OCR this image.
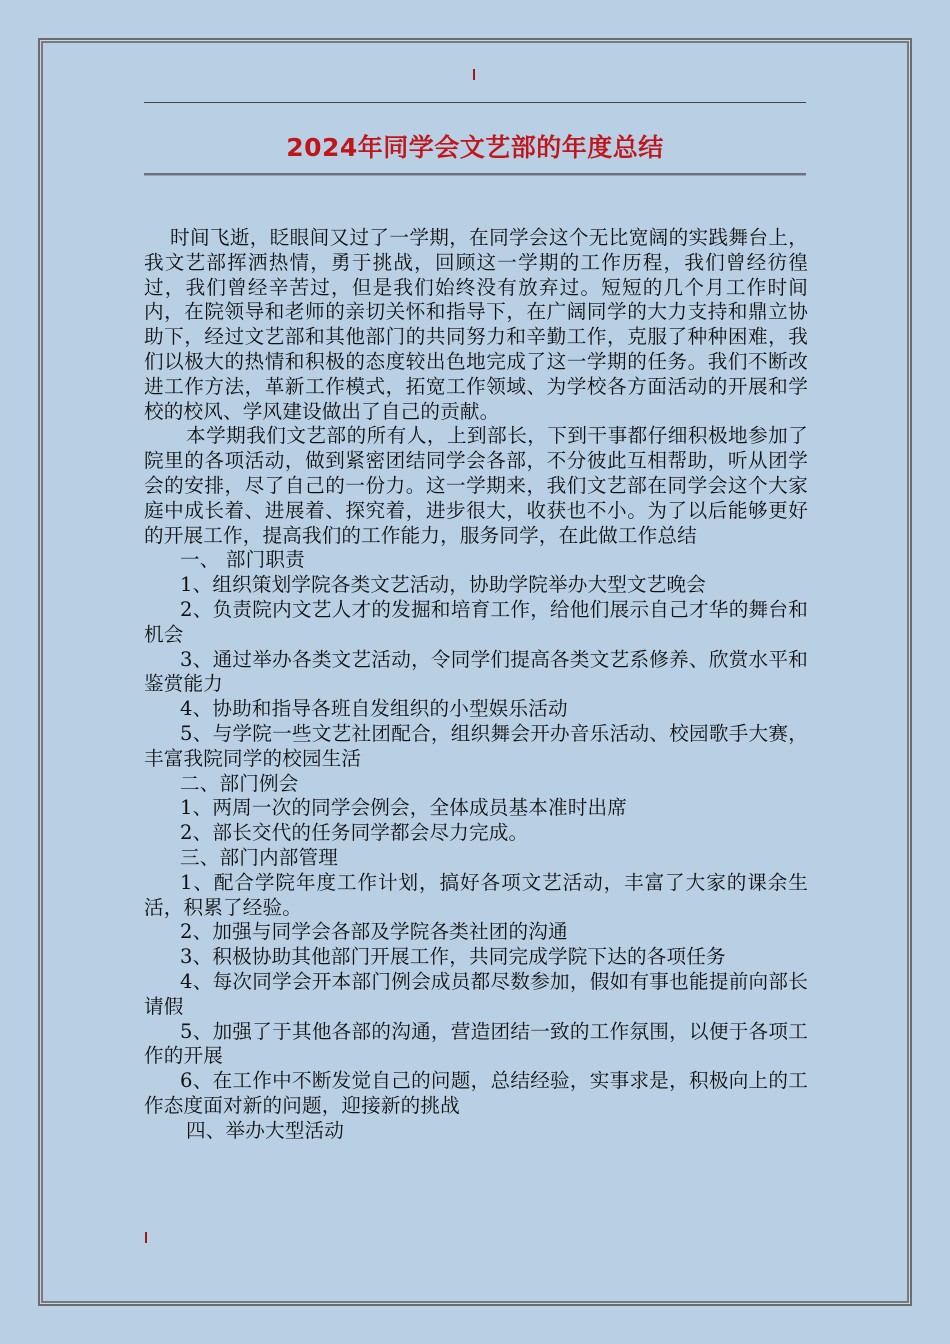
2024年同学会文艺部的年度总结

时间飞逝，眨眼间又过了一学期，在同学会这个无比宽阔的实践舞台上，我文艺部挥洒热情，勇于挑战，回顾这一学期的工作历程，我们曾经彷徨过，我们曾经辛苦过，但是我们始终没有放弃过。短短的几个月工作时间内，在院领导和老师的亲切关怀和指导下，在广阔同学的大力支持和鼎立协助下，经过文艺部和其他部门的共同努力和辛勤工作，克服了种种困难，我们以极大的热情和积极的态度较出色地完成了这一学期的任务。我们不断改进工作方法，革新工作模式，拓宽工作领域、为学校各方面活动的开展和学校的校风、学风建设做出了自己的贡献。

本学期我们文艺部的所有人，上到部长，下到干事都仔细积极地参加了院里的各项活动，做到紧密团结同学会各部，不分彼此互相帮助，听从团学会的安排，尽了自己的一份力。这一学期来，我们文艺部在同学会这个大家庭中成长着、进展着、探究着，进步很大，收获也不小。为了以后能够更好的开展工作，提高我们的工作能力，服务同学，在此做工作总结

一、 部门职责

1、组织策划学院各类文艺活动，协助学院举办大型文艺晚会

2、负责院内文艺人才的发掘和培育工作，给他们展示自己才华的舞台和机会

3、通过举办各类文艺活动，令同学们提高各类文艺系修养、欣赏水平和鉴赏能力

4、协助和指导各班自发组织的小型娱乐活动

5、与学院一些文艺社团配合，组织舞会开办音乐活动、校园歌手大赛，丰富我院同学的校园生活

二、部门例会

1、两周一次的同学会例会，全体成员基本准时出席

2、部长交代的任务同学都会尽力完成。

三、部门内部管理

1、配合学院年度工作计划，搞好各项文艺活动，丰富了大家的课余生活，积累了经验。

2、加强与同学会各部及学院各类社团的沟通

3、积极协助其他部门开展工作，共同完成学院下达的各项任务

4、每次同学会开本部门例会成员都尽数参加，假如有事也能提前向部长请假

5、加强了于其他各部的沟通，营造团结一致的工作氛围，以便于各项工作的开展

6、在工作中不断发觉自己的问题，总结经验，实事求是，积极向上的工作态度面对新的问题，迎接新的挑战

四、举办大型活动
